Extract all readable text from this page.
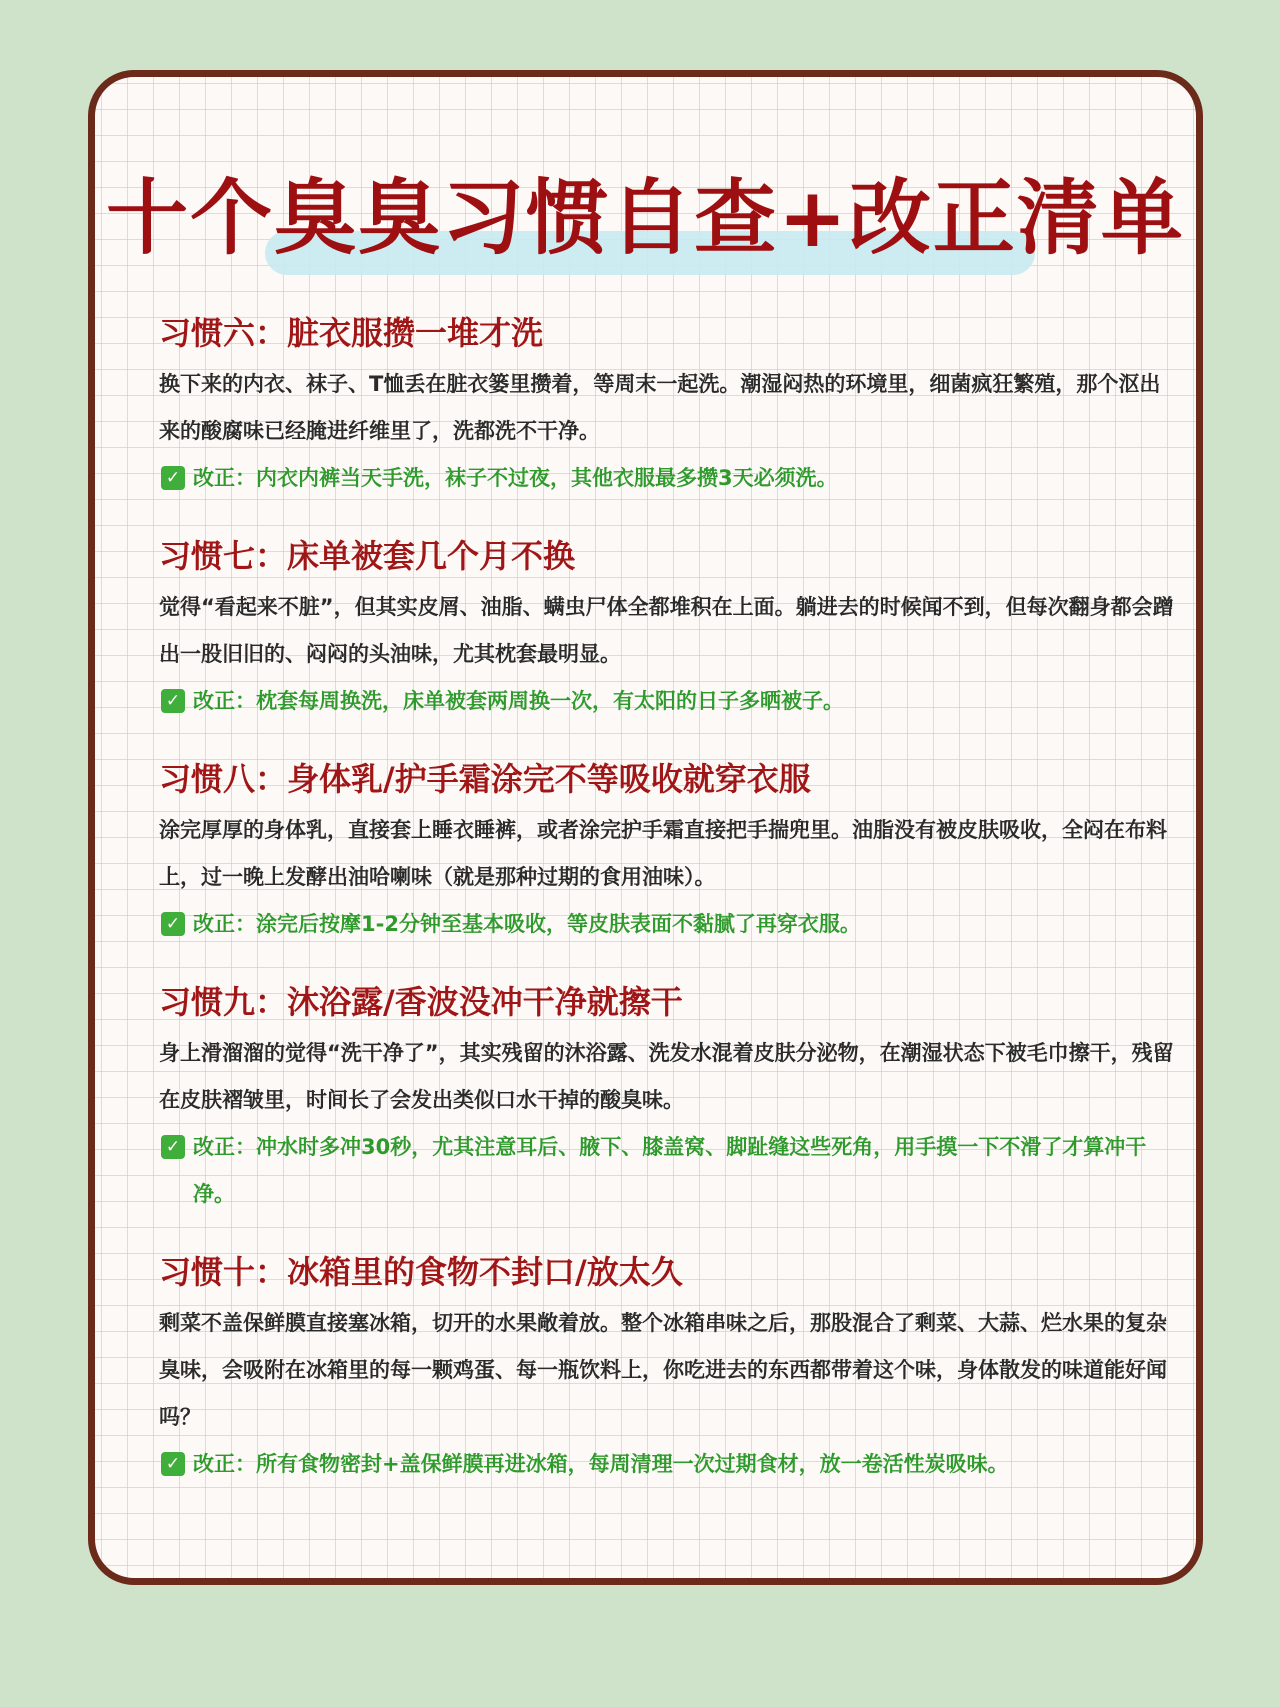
十个臭臭习惯自查+改正清单
习惯六：脏衣服攒一堆才洗

换下来的内衣、袜子、T恤丢在脏衣篓里攒着，等周末一起洗。潮湿闷热的环境里，细菌疯狂繁殖，那个沤出来的酸腐味已经腌进纤维里了，洗都洗不干净。

✓ 改正：内衣内裤当天手洗，袜子不过夜，其他衣服最多攒3天必须洗。
习惯七：床单被套几个月不换

觉得“看起来不脏”，但其实皮屑、油脂、螨虫尸体全都堆积在上面。躺进去的时候闻不到，但每次翻身都会蹭出一股旧旧的、闷闷的头油味，尤其枕套最明显。

✓ 改正：枕套每周换洗，床单被套两周换一次，有太阳的日子多晒被子。
习惯八：身体乳/护手霜涂完不等吸收就穿衣服

涂完厚厚的身体乳，直接套上睡衣睡裤，或者涂完护手霜直接把手揣兜里。油脂没有被皮肤吸收，全闷在布料上，过一晚上发酵出油哈喇味（就是那种过期的食用油味）。

✓ 改正：涂完后按摩1-2分钟至基本吸收，等皮肤表面不黏腻了再穿衣服。
习惯九：沐浴露/香波没冲干净就擦干

身上滑溜溜的觉得“洗干净了”，其实残留的沐浴露、洗发水混着皮肤分泌物，在潮湿状态下被毛巾擦干，残留在皮肤褶皱里，时间长了会发出类似口水干掉的酸臭味。

✓ 改正：冲水时多冲30秒，尤其注意耳后、腋下、膝盖窝、脚趾缝这些死角，用手摸一下不滑了才算冲干净。
习惯十：冰箱里的食物不封口/放太久

剩菜不盖保鲜膜直接塞冰箱，切开的水果敞着放。整个冰箱串味之后，那股混合了剩菜、大蒜、烂水果的复杂臭味，会吸附在冰箱里的每一颗鸡蛋、每一瓶饮料上，你吃进去的东西都带着这个味，身体散发的味道能好闻吗？

✓ 改正：所有食物密封+盖保鲜膜再进冰箱，每周清理一次过期食材，放一卷活性炭吸味。
